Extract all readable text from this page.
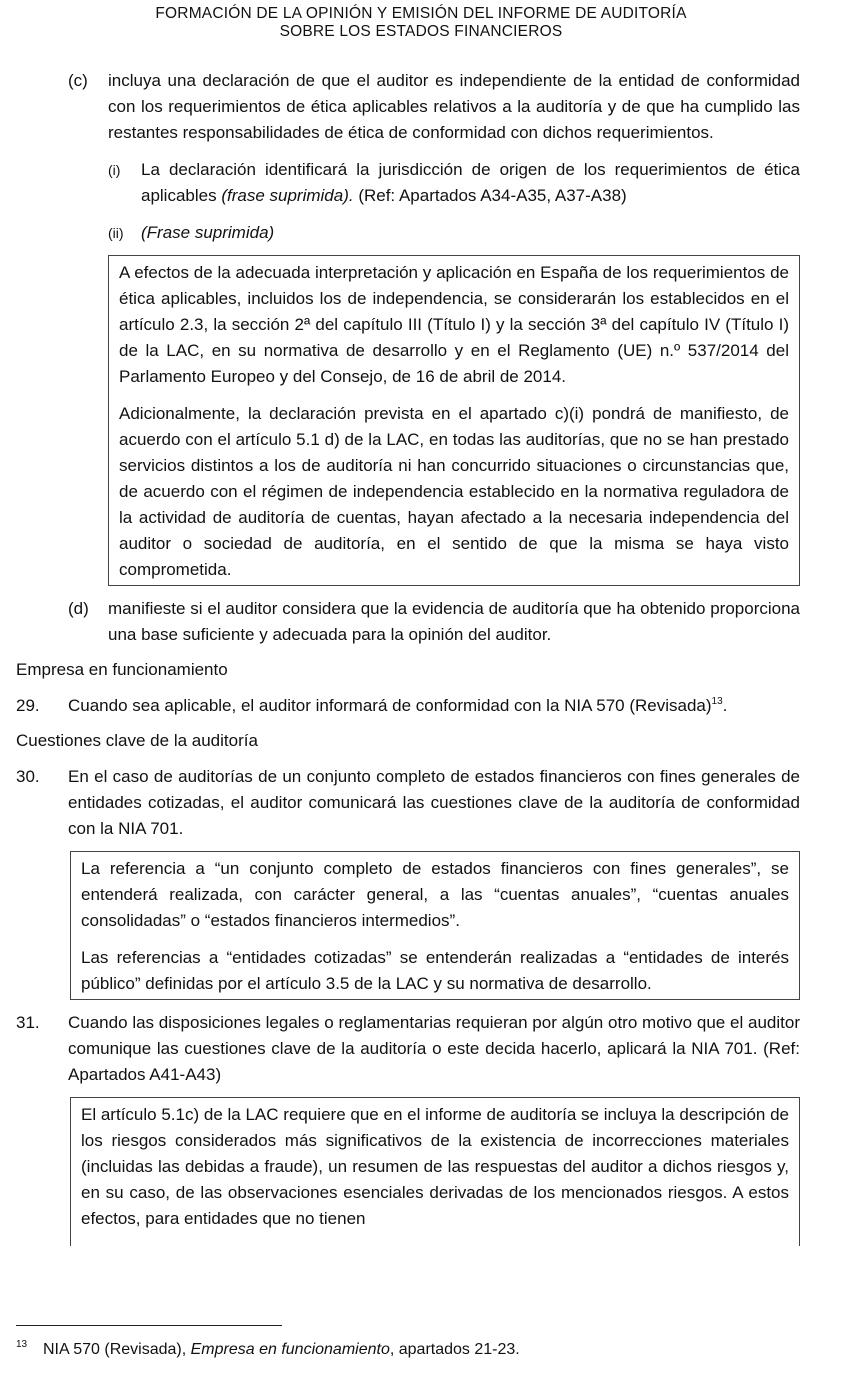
FORMACIÓN DE LA OPINIÓN Y EMISIÓN DEL INFORME DE AUDITORÍA
SOBRE LOS ESTADOS FINANCIEROS
(c)	incluya una declaración de que el auditor es independiente de la entidad de conformidad con los requerimientos de ética aplicables relativos a la auditoría y de que ha cumplido las restantes responsabilidades de ética de conformidad con dichos requerimientos.
(i)	La declaración identificará la jurisdicción de origen de los requerimientos de ética aplicables (frase suprimida). (Ref: Apartados A34-A35, A37-A38)
(ii)	(Frase suprimida)

A efectos de la adecuada interpretación y aplicación en España de los requerimientos de ética aplicables, incluidos los de independencia, se considerarán los establecidos en el artículo 2.3, la sección 2ª del capítulo III (Título I) y la sección 3ª del capítulo IV (Título I) de la LAC, en su normativa de desarrollo y en el Reglamento (UE) n.º 537/2014 del Parlamento Europeo y del Consejo, de 16 de abril de 2014.

Adicionalmente, la declaración prevista en el apartado c)(i) pondrá de manifiesto, de acuerdo con el artículo 5.1 d) de la LAC, en todas las auditorías, que no se han prestado servicios distintos a los de auditoría ni han concurrido situaciones o circunstancias que, de acuerdo con el régimen de independencia establecido en la normativa reguladora de la actividad de auditoría de cuentas, hayan afectado a la necesaria independencia del auditor o sociedad de auditoría, en el sentido de que la misma se haya visto comprometida.

(d)	manifieste si el auditor considera que la evidencia de auditoría que ha obtenido proporciona una base suficiente y adecuada para la opinión del auditor.
Empresa en funcionamiento
29.	Cuando sea aplicable, el auditor informará de conformidad con la NIA 570 (Revisada)$^{13}$.
Cuestiones clave de la auditoría
30.	En el caso de auditorías de un conjunto completo de estados financieros con fines generales de entidades cotizadas, el auditor comunicará las cuestiones clave de la auditoría de conformidad con la NIA 701.

La referencia a “un conjunto completo de estados financieros con fines generales”, se entenderá realizada, con carácter general, a las “cuentas anuales”, “cuentas anuales consolidadas” o “estados financieros intermedios”.

Las referencias a “entidades cotizadas” se entenderán realizadas a “entidades de interés público” definidas por el artículo 3.5 de la LAC y su normativa de desarrollo.

31.	Cuando las disposiciones legales o reglamentarias requieran por algún otro motivo que el auditor comunique las cuestiones clave de la auditoría o este decida hacerlo, aplicará la NIA 701. (Ref: Apartados A41-A43)

El artículo 5.1c) de la LAC requiere que en el informe de auditoría se incluya la descripción de los riesgos considerados más significativos de la existencia de incorrecciones materiales (incluidas las debidas a fraude), un resumen de las respuestas del auditor a dichos riesgos y, en su caso, de las observaciones esenciales derivadas de los mencionados riesgos. A estos efectos, para entidades que no tienen

$^{13}$ NIA 570 (Revisada), Empresa en funcionamiento, apartados 21-23.
